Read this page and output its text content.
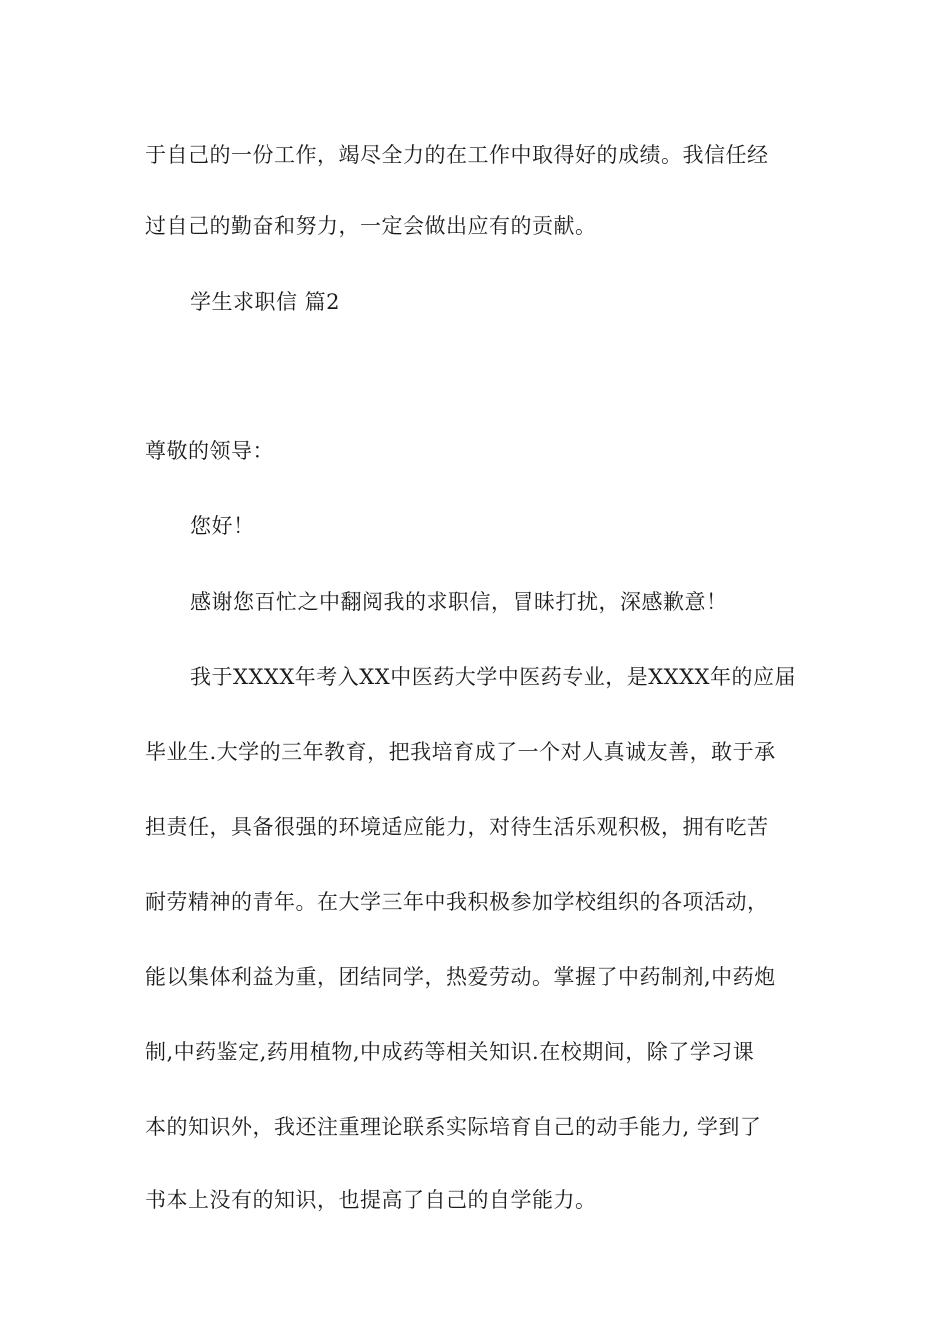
于自己的一份工作，竭尽全力的在工作中取得好的成绩。我信任经
过自己的勤奋和努力，一定会做出应有的贡献。
学生求职信 篇2
尊敬的领导：
您好！
感谢您百忙之中翻阅我的求职信，冒昧打扰，深感歉意！
我于XXXX年考入XX中医药大学中医药专业，是XXXX年的应届
毕业生.大学的三年教育，把我培育成了一个对人真诚友善，敢于承
担责任，具备很强的环境适应能力，对待生活乐观积极，拥有吃苦
耐劳精神的青年。在大学三年中我积极参加学校组织的各项活动，
能以集体利益为重，团结同学，热爱劳动。掌握了中药制剂,中药炮
制,中药鉴定,药用植物,中成药等相关知识.在校期间，除了学习课
本的知识外，我还注重理论联系实际培育自己的动手能力, 学到了
书本上没有的知识，也提高了自己的自学能力。
